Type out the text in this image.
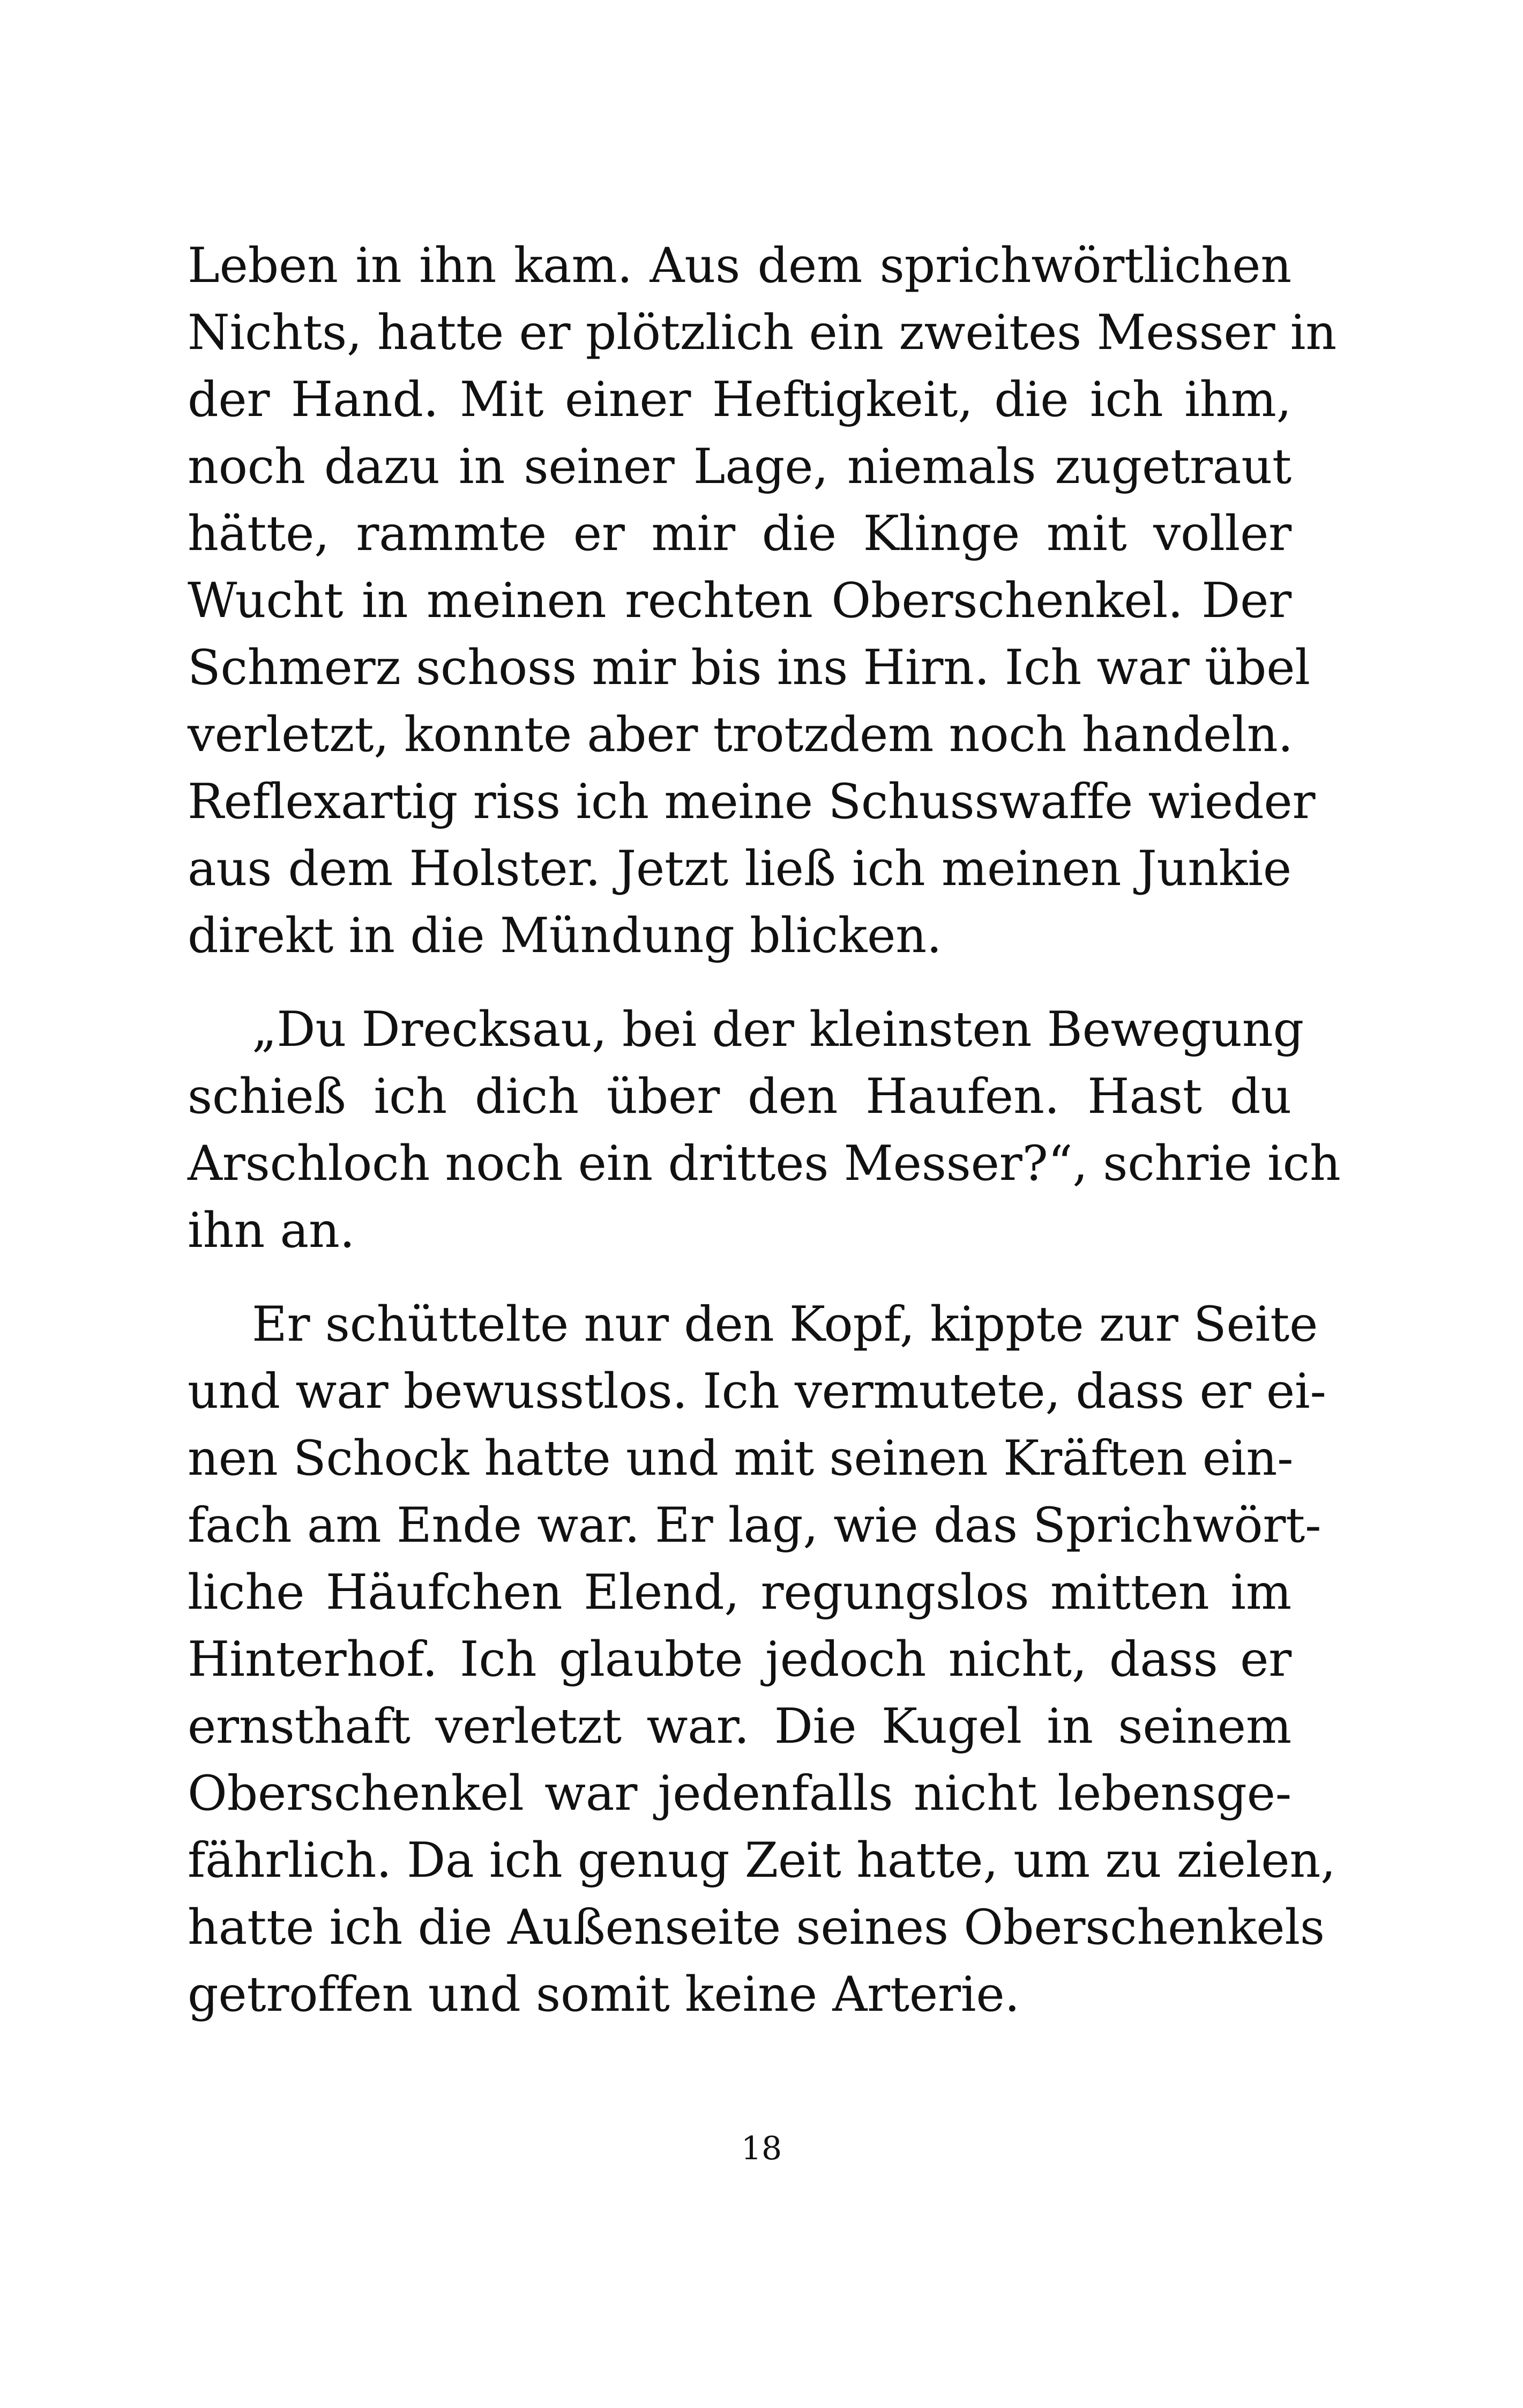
Leben in ihn kam. Aus dem sprichwörtlichen
Nichts, hatte er plötzlich ein zweites Messer in
der Hand. Mit einer Heftigkeit, die ich ihm,
noch dazu in seiner Lage, niemals zugetraut
hätte, rammte er mir die Klinge mit voller
Wucht in meinen rechten Oberschenkel. Der
Schmerz schoss mir bis ins Hirn. Ich war übel
verletzt, konnte aber trotzdem noch handeln.
Reflexartig riss ich meine Schusswaffe wieder
aus dem Holster. Jetzt ließ ich meinen Junkie
direkt in die Mündung blicken.

„Du Drecksau, bei der kleinsten Bewegung
schieß ich dich über den Haufen. Hast du
Arschloch noch ein drittes Messer?“, schrie ich
ihn an.

Er schüttelte nur den Kopf, kippte zur Seite
und war bewusstlos. Ich vermutete, dass er ei-
nen Schock hatte und mit seinen Kräften ein-
fach am Ende war. Er lag, wie das Sprichwört-
liche Häufchen Elend, regungslos mitten im
Hinterhof. Ich glaubte jedoch nicht, dass er
ernsthaft verletzt war. Die Kugel in seinem
Oberschenkel war jedenfalls nicht lebensge-
fährlich. Da ich genug Zeit hatte, um zu zielen,
hatte ich die Außenseite seines Oberschenkels
getroffen und somit keine Arterie.

18
